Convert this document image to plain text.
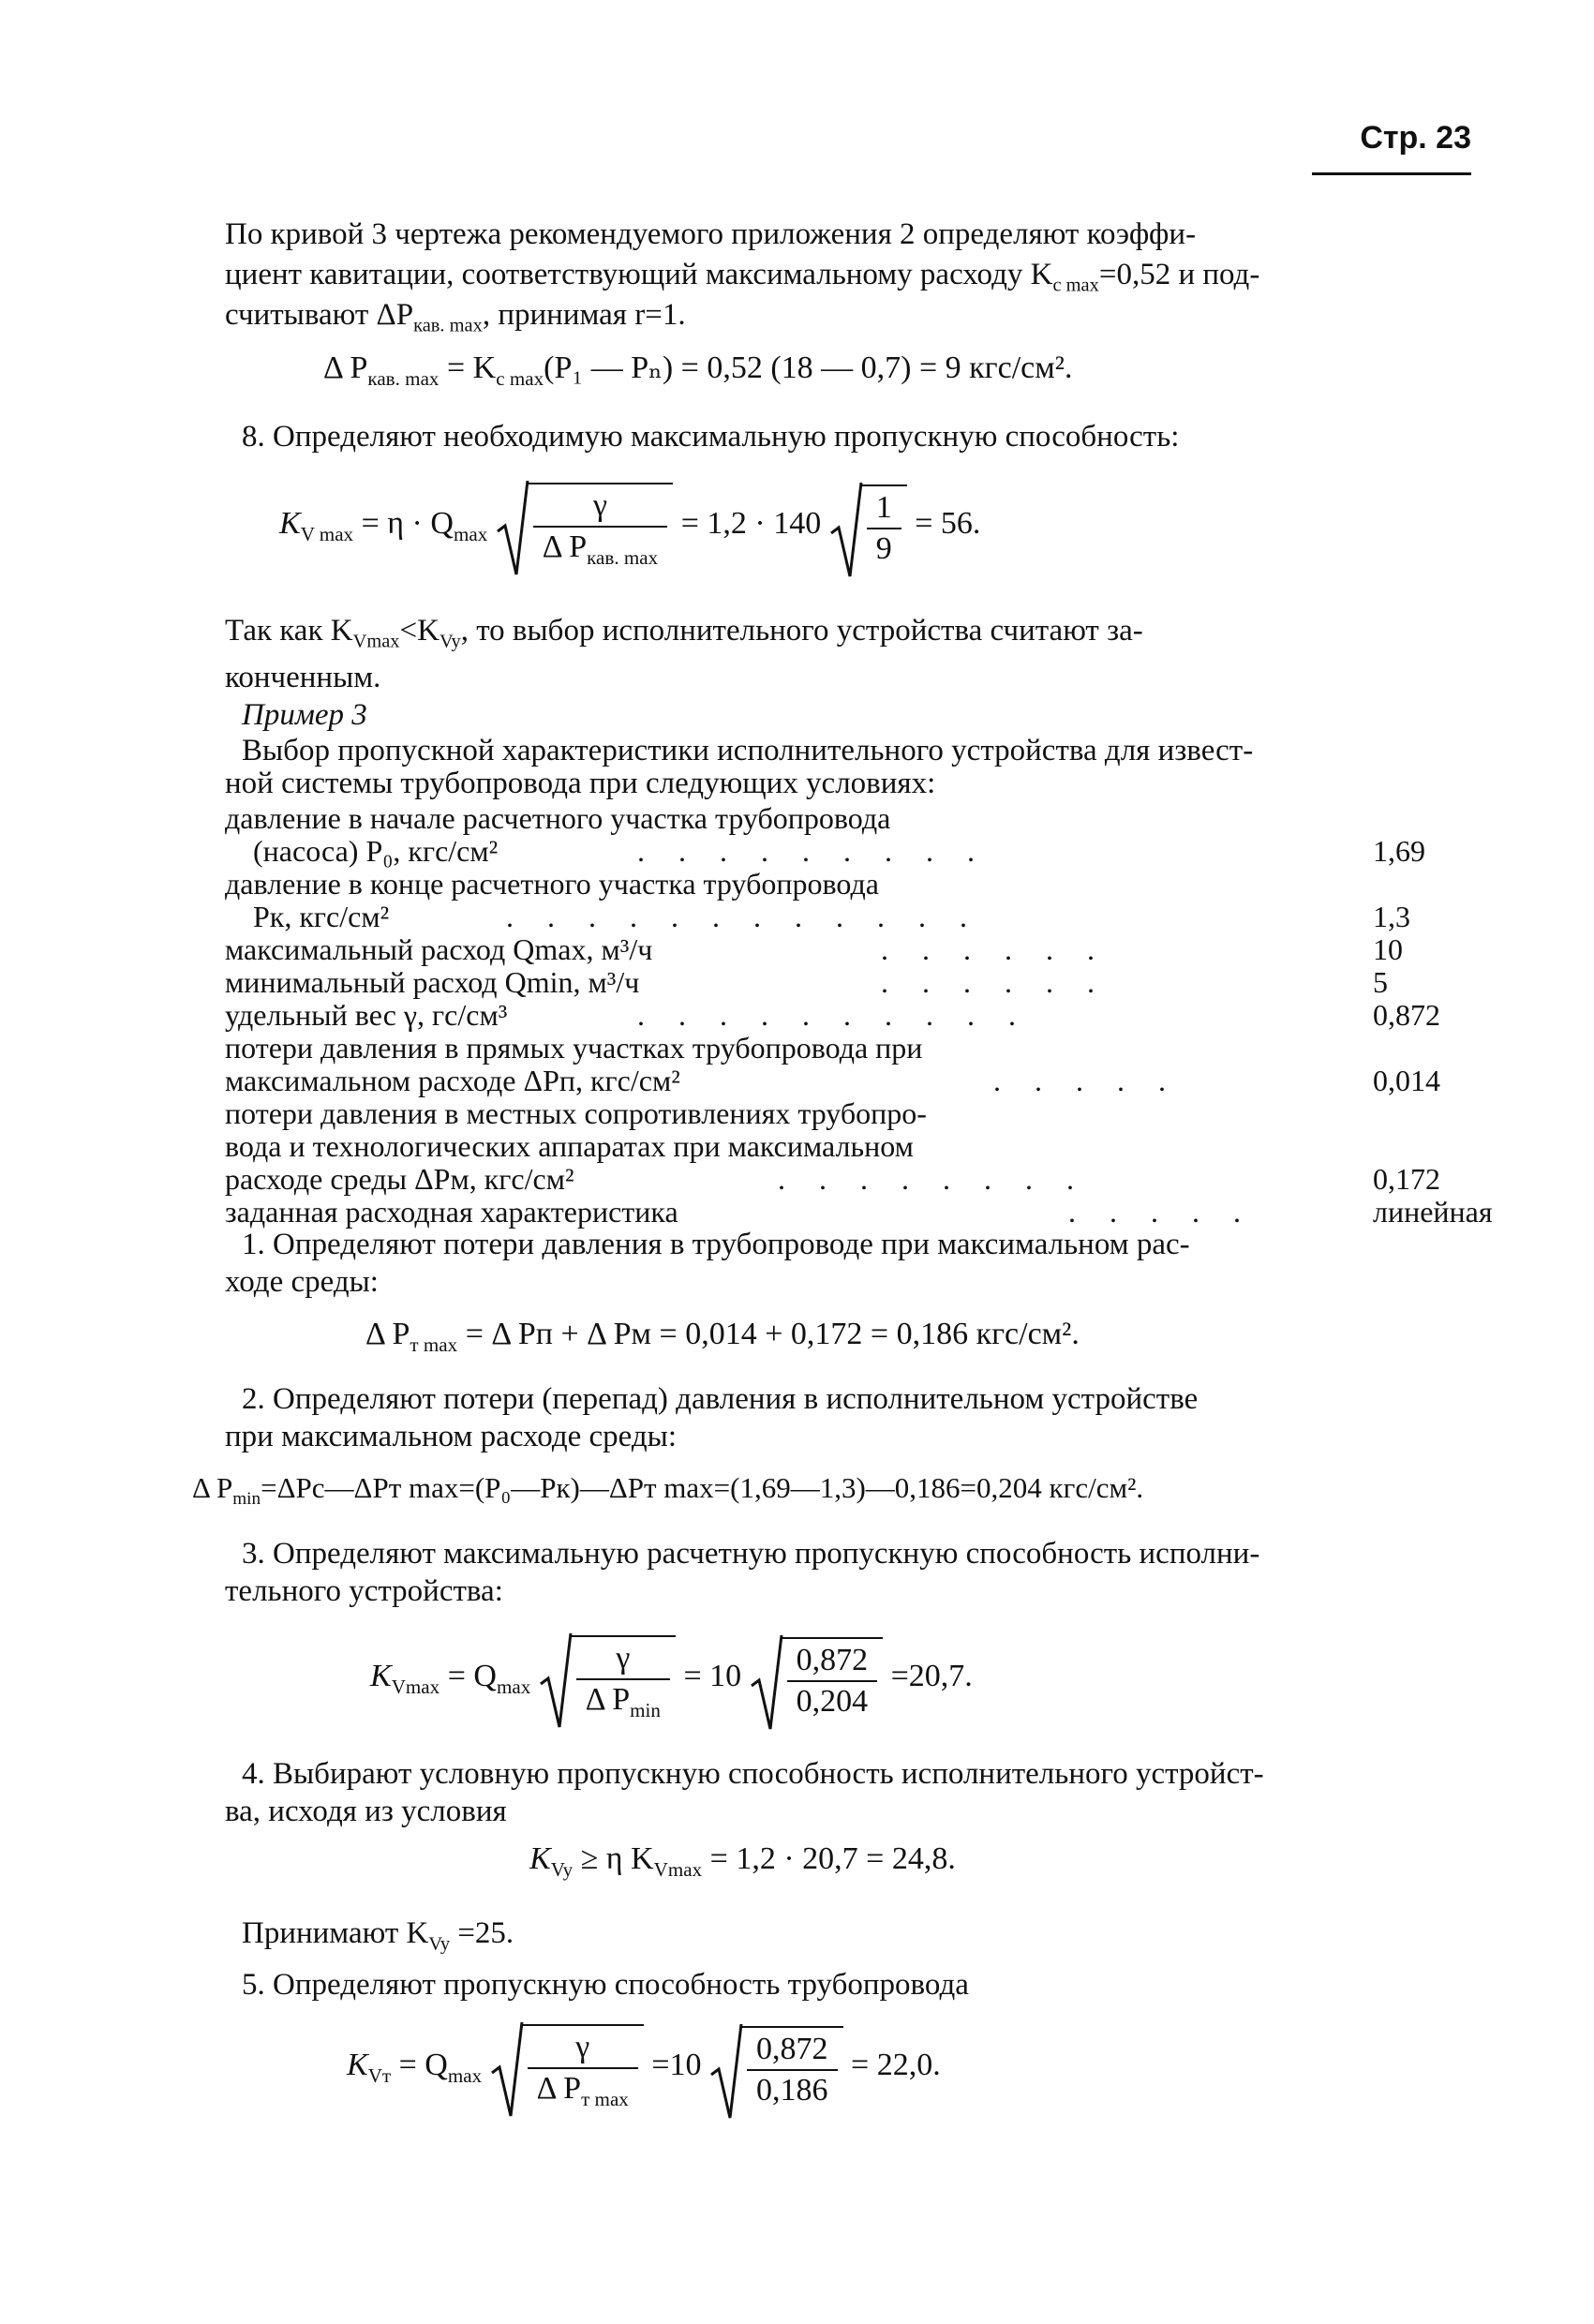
Стр. 23
По кривой 3 чертежа рекомендуемого приложения 2 определяют коэффи-
циент кавитации, соответствующий максимальному расходу $K_{c max}=0,52$ и под-
считывают $\Delta P_{кав. max}$, принимая r=1.
Δ $P_{кав. max} = K_{c max}(P_1$ — Pₙ) = 0,52 (18 — 0,7) = 9 кгс/см².
8. Определяют необходимую максимальную пропускную способность:
$K_{V max} = \eta \cdot Q_{max} \frac{\gamma}{\Delta P_{кав. max}} = 1,2 \cdot 140 \frac{1}{9} = 56$.
Так как $K_{Vmax}<K_{Vy}$, то выбор исполнительного устройства считают за-
конченным.
Пример 3
Выбор пропускной характеристики исполнительного устройства для извест-
ной системы трубопровода при следующих условиях:
давление в начале расчетного участка трубопровода
(насоса) P₀, кгс/см²	. . . . . . . . .	1,69
давление в конце расчетного участка трубопровода
Pк, кгс/см²	. . . . . . . . . . . .	1,3
максимальный расход Qmax, м³/ч	. . . . . .	10
минимальный расход Qmin, м³/ч	. . . . . .	5
удельный вес γ, гс/см³	. . . . . . . . . .	0,872
потери давления в прямых участках трубопровода при
максимальном расходе ΔPп, кгс/см²	. . . . .	0,014
потери давления в местных сопротивлениях трубопро-
вода и технологических аппаратах при максимальном
расходе среды ΔPм, кгс/см²	. . . . . . . .	0,172
заданная расходная характеристика	. . . . .	линейная
1. Определяют потери давления в трубопроводе при максимальном рас-
ходе среды:
Δ $P_{т max} = \Delta$ Pп + Δ Pм = 0,014 + 0,172 = 0,186 кгс/см².
2. Определяют потери (перепад) давления в исполнительном устройстве
при максимальном расходе среды:
Δ $P_{min}=\Delta Pc—\Delta Pт$ max=(P₀—Pк)—ΔPт max=(1,69—1,3)—0,186=0,204 кгс/см².
3. Определяют максимальную расчетную пропускную способность исполни-
тельного устройства:
$K_{Vmax} = Q_{max} \frac{\gamma}{\Delta P_{min}} = 10 \frac{0,872}{0,204} =20,7$.
4. Выбирают условную пропускную способность исполнительного устройст-
ва, исходя из условия
$K_{Vy} \ge \eta$ $K_{Vmax} = 1,2 \cdot 20,7 = 24,8$.
Принимают $K_{Vy} =25$.
5. Определяют пропускную способность трубопровода
$K_{Vт} = Q_{max} \frac{\gamma}{\Delta P_{т max}} =10 \frac{0,872}{0,186} = 22,0$.
